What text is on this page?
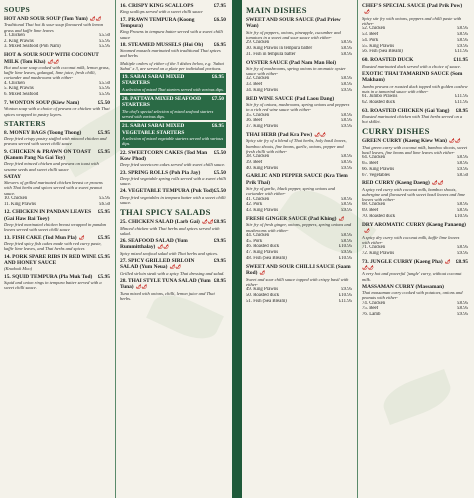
SOUPS
HOT AND SOUR SOUP (Tom Yum) 🌶🌶
Traditional Thai hot & sour soup flavoured with lemon grass and kaffir lime leaves
£5.50
1. Chicken
£5.95
2. King Prawns
£5.95
3. Mixed Seafood (Poh Nam)
HOT & SOUR SOUP WITH COCONUT MILK (Tom Kha) 🌶🌶
Hot and sour soup cooked with coconut milk, lemon grass, kaffir lime leaves, galangal, lime juice, fresh chilli, coriander and mushrooms with either-
£5.50
4. Chicken
£5.95
5. King Prawns
£5.95
6. Mixed Seafood
£5.50
7. WONTON SOUP (Kiew Nam)
Wonton soup with a choice of prawns or chicken with Thai spices wrapped in pastry layers.
STARTERS
£5.95
8. MONEY BAGS (Toong Thong)
Deep fried crispy pastry stuffed with minced chicken and prawns served with sweet chilli sauce
£5.95
9. CHICKEN & PRAWN ON TOAST (Kanom Pang Na Gai Toy)
Deep fried minced chicken and prawns on toast with sesame seeds and sweet chilli sauce
SATAY
Skewers of grilled marinated chicken breast or prawns with Thai herbs and spices served with a sweet peanut sauce.
£5.95
10. Chicken
£6.50
11. King Prawns
£5.95
12. CHICKEN IN PANDAN LEAVES (Gai Haw Bai Toey)
Deep fried marinated chicken breast wrapped in pandan leaves served with sweet chilli sauce
£5.95
13. FISH CAKE (Tod Mun Pla) 🌶
Deep fried spicy fish cakes made with red curry paste, kaffir lime leaves, and Thai herbs and spices
£5.95
14. PORK SPARE RIBS IN RED WINE AND HONEY SAUCE
(Kradook Moo)
£5.95
15. SQUID TEMPURA (Pla Muk Tod)
Squid and onion rings in tempura batter served with a sweet chilli sauce.
£7.95
16. CRISPY KING SCALLOPS
King scallops served with a sweet chilli sauce
£6.50
17. PRAWN TEMPURA (Koong Tempura)
King Prawns in tempura batter served with a sweet chilli sauce
£6.95
18. STEAMED MUSSELS (Hoi Ob)
Steamed mussels marinated with traditional Thai spices and herbs
Multiple orders of either of the 3 dishes below, e.g. 'Sabai Sabai' x 3, are served on a plate per individual portions.
£6.95
19. SABAI SABAI MIXED STARTERS
A selection of mixed Thai starters served with various dips.
£7.50
20. PATTAYA MIXED SEAFOOD STARTERS
The chef's special selection of mixed seafood starters served with various dips.
£6.95
21. SABAI SABAI MIXED VEGETABLE STARTERS
A selection of mixed vegetable starters served with various dips.
£5.50
22. SWEETCORN CAKES (Tod Man Kow Phod)
Deep fried sweetcorn cakes served with sweet chilli sauce.
£5.50
23. SPRING ROLLS (Poh Pia Jay)
Deep fried vegetable spring rolls served with a sweet chilli sauce.
£5.50
24. VEGETABLE TEMPURA (Puk Tod)
Deep fried vegetables in tempura batter with a sweet chilli sauce.
THAI SPICY SALADS
£8.95
25. CHICKEN SALAD (Larb Gai) 🌶🌶
Minced chicken with Thai herbs and spices served with salad.
£9.95
26. SEAFOOD SALAD (Yum Rummitthalay) 🌶🌶
Spicy mixed seafood salad with Thai herbs and spices.
£9.95
27. SPICY GRILLED SIRLOIN SALAD (Yum Neua) 🌶🌶
Grilled sirloin steak with a spicy Thai dressing and salad.
£8.95
28. THAI STYLE TUNA SALAD (Yum Tuna) 🌶🌶
Tuna mixed with onions, chilli, lemon juice and Thai herbs.
MAIN DISHES
SWEET AND SOUR SAUCE (Pad Priew Wan)
Stir fry of peppers, onions, pineapple, cucumber and tomatoes in a sweet and sour sauce with either-
£8.95
29. Chicken
£8.95
30. King Prawns in tempura batter
£8.95
31. Fish in tempura batter
OYSTER SAUCE (Pad Nam Man Hoi)
Stir fry of mushrooms, spring onions in aromatic oyster sauce with either-
£8.95
32. Chicken
£8.95
33. Beef
£9.95
34. King Prawns
RED WINE SAUCE (Pad Laou Dang)
Stir fry of onions, mushrooms, spring onions and peppers in a rich red wine sauce with either-
£8.95
35. Chicken
£8.95
36. Beef
£9.95
37. King Prawns
THAI HERB (Pad Kra Pow) 🌶🌶
Spicy stir fry of a blend of Thai herbs, holy basil leaves, bamboo shoots, fine beans, garlic, onions, pepper and fresh chilli with either-
£8.95
38. Chicken
£8.95
39. Beef
£9.95
40. King Prawns
GARLIC AND PEPPER SAUCE (Kra Tiem Prik Thai)
Stir fry of garlic, black pepper, spring onions and coriander with either-
£8.95
41. Chicken
£8.95
42. Pork
£9.95
43. King Prawns
FRESH GINGER SAUCE (Pad Khing) 🌶
Stir fry of fresh ginger, onions, peppers, spring onions and mushrooms with either-
£8.95
44. Chicken
£8.95
45. Pork
£10.95
46. Roasted duck
£9.95
47. King Prawns
£10.95
48. Fish (Sea Bream)
SWEET AND SOUR CHILLI SAUCE (Saam Rod) 🌶
Sweet and sour chilli sauce topped with crispy basil with either-
£9.95
49. King Prawns
£10.95
50. Roasted duck
£11.95
51. Fish (Sea Bream)
CHEF'S SPECIAL SAUCE (Pad Prik Pow)🌶
Spicy stir fry with onions, peppers and chilli paste with either-
£8.95
52. Chicken
£8.95
53. Beef
£8.95
54. Pork
£9.95
55. King Prawns
£11.95
56. Fish (Sea Bream)
£11.95
60. ROASTED DUCK
Roasted marinated duck served with a choice of sauce.
EXOTIC THAI TAMARIND SAUCE (Som Makham)
Jumbo prawns or roasted duck topped with golden cashew nuts in a tamarind sauce with either-
£11.95
61. Jumbo Prawns
£11.95
62. Roasted duck
£8.95
63. ROASTED CHICKEN (Gai Yang)
Roasted marinated chicken with Thai herbs served on a hot skillet.
CURRY DISHES
GREEN CURRY (Kaeng Kiew Wan) 🌶🌶
Thai green curry with coconut milk, bamboo shoots, sweet basil leaves, fine beans and lime leaves with either-
£8.95
64. Chicken
£8.95
65. Beef
£9.95
66. King Prawns
£8.50
67. Vegetables
RED CURRY (Kaeng Daeng) 🌶🌶
A spicy red curry with coconut milk, bamboo shoots, aubergine and flavoured with sweet basil leaves and lime leaves with either-
£8.95
68. Chicken
£8.95
69. Beef
£10.95
70. Roasted duck
DRY AROMATIC CURRY (Kaeng Panaeng)🌶
A spicy dry curry with coconut milk, kaffir lime leaves with either-
£8.95
71. Chicken
£9.95
72. King Prawns
£8.95
73. JUNGLE CURRY (Kaeng Pha) 🌶🌶🌶
A very hot and powerful 'jungle' curry, without coconut milk.
MASSAMAN CURRY (Massaman)
Thai massaman curry cooked with potatoes, onions and peanuts with either-
£8.95
74. Chicken
£8.95
75. Beef
£9.95
76. Lamb
